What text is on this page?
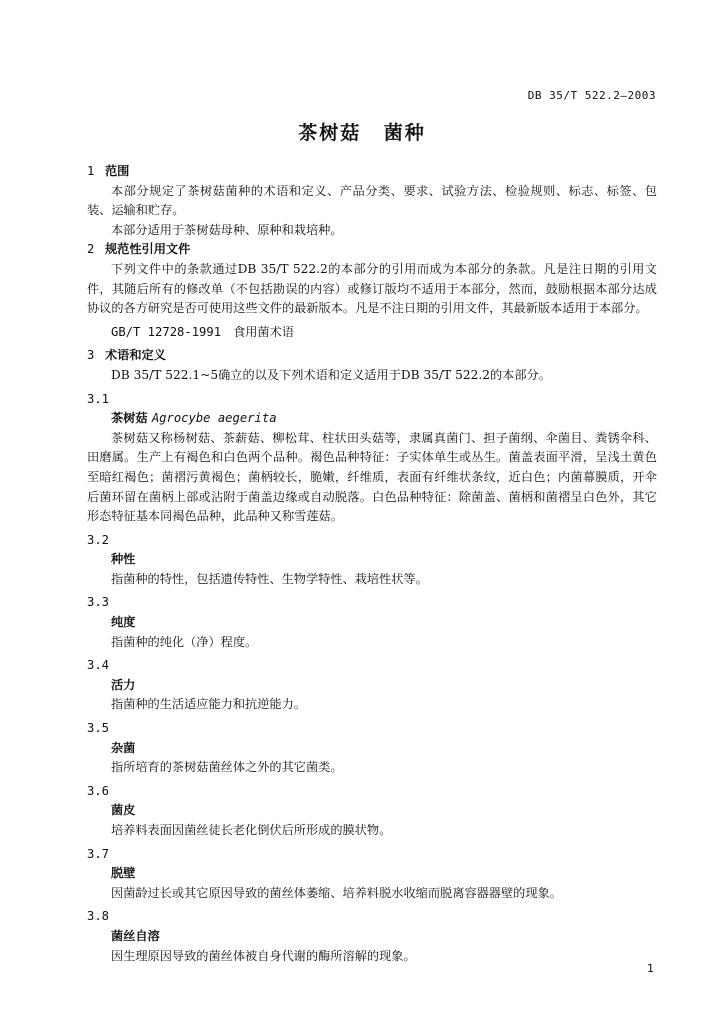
DB 35/T 522.2—2003
茶树菇 菌种

1 范围

本部分规定了茶树菇菌种的术语和定义、产品分类、要求、试验方法、检验规则、标志、标签、包装、运输和贮存。

本部分适用于茶树菇母种、原种和栽培种。

2 规范性引用文件

下列文件中的条款通过DB 35/T 522.2的本部分的引用而成为本部分的条款。凡是注日期的引用文件，其随后所有的修改单（不包括勘误的内容）或修订版均不适用于本部分，然而，鼓励根据本部分达成协议的各方研究是否可使用这些文件的最新版本。凡是不注日期的引用文件，其最新版本适用于本部分。

GB/T 12728-1991 食用菌术语

3 术语和定义

DB 35/T 522.1~5确立的以及下列术语和定义适用于DB 35/T 522.2的本部分。

3.1

茶树菇 Agrocybe aegerita

茶树菇又称杨树菇、茶薪菇、柳松茸、柱状田头菇等，隶属真菌门、担子菌纲、伞菌目、粪锈伞科、田磨属。生产上有褐色和白色两个品种。褐色品种特征：子实体单生或丛生。菌盖表面平滑，呈浅土黄色至暗红褐色；菌褶污黄褐色；菌柄较长，脆嫩，纤维质，表面有纤维状条纹，近白色；内菌幕膜质，开伞后菌环留在菌柄上部或沾附于菌盖边缘或自动脱落。白色品种特征：除菌盖、菌柄和菌褶呈白色外，其它形态特征基本同褐色品种，此品种又称雪莲菇。

3.2

种性

指菌种的特性，包括遗传特性、生物学特性、栽培性状等。

3.3

纯度

指菌种的纯化（净）程度。

3.4

活力

指菌种的生活适应能力和抗逆能力。

3.5

杂菌

指所培育的茶树菇菌丝体之外的其它菌类。

3.6

菌皮

培养料表面因菌丝徒长老化倒伏后所形成的膜状物。

3.7

脱壁

因菌龄过长或其它原因导致的菌丝体萎缩、培养料脱水收缩而脱离容器器壁的现象。

3.8

菌丝自溶

因生理原因导致的菌丝体被自身代谢的酶所溶解的现象。

1
